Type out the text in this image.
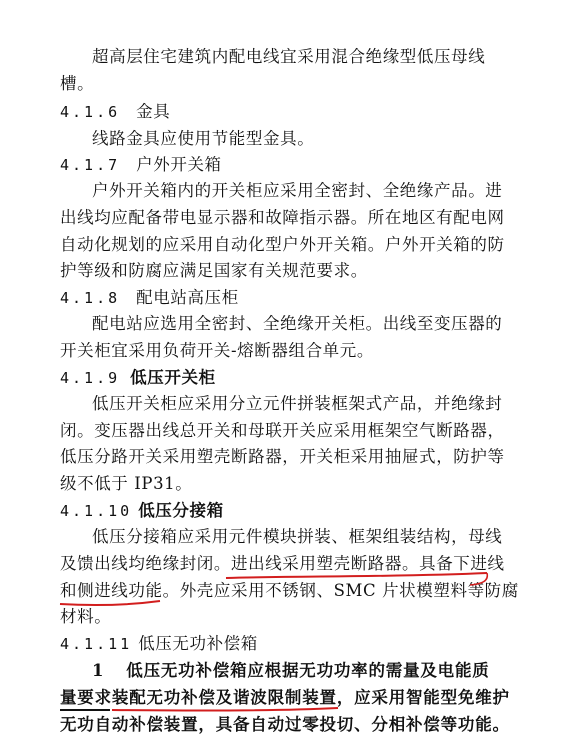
超高层住宅建筑内配电线宜采用混合绝缘型低压母线
槽。
4.1.6 金具
线路金具应使用节能型金具。
4.1.7 户外开关箱
户外开关箱内的开关柜应采用全密封、全绝缘产品。进
出线均应配备带电显示器和故障指示器。所在地区有配电网
自动化规划的应采用自动化型户外开关箱。户外开关箱的防
护等级和防腐应满足国家有关规范要求。
4.1.8 配电站高压柜
配电站应选用全密封、全绝缘开关柜。出线至变压器的
开关柜宜采用负荷开关-熔断器组合单元。
4.1.9 低压开关柜
低压开关柜应采用分立元件拼装框架式产品，并绝缘封
闭。变压器出线总开关和母联开关应采用框架空气断路器，
低压分路开关采用塑壳断路器，开关柜采用抽屉式，防护等
级不低于 IP31。
4.1.10 低压分接箱
低压分接箱应采用元件模块拼装、框架组装结构，母线
及馈出线均绝缘封闭。进出线采用塑壳断路器。具备下进线
和侧进线功能。外壳应采用不锈钢、SMC 片状模塑料等防腐
材料。
4.1.11 低压无功补偿箱
1 低压无功补偿箱应根据无功功率的需量及电能质
量要求装配无功补偿及谐波限制装置，应采用智能型免维护
无功自动补偿装置，具备自动过零投切、分相补偿等功能。
